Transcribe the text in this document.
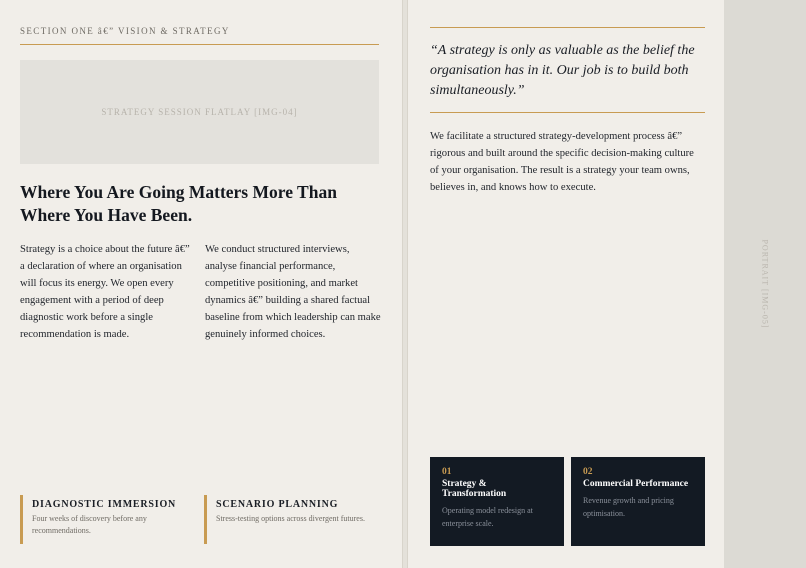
SECTION ONE â€” VISION & STRATEGY
STRATEGY SESSION FLATLAY [IMG-04]
Where You Are Going Matters More Than Where You Have Been.
Strategy is a choice about the future â€” a declaration of where an organisation will focus its energy. We open every engagement with a period of deep diagnostic work before a single recommendation is made.
We conduct structured interviews, analyse financial performance, competitive positioning, and market dynamics â€” building a shared factual baseline from which leadership can make genuinely informed choices.
DIAGNOSTIC IMMERSION
Four weeks of discovery before any recommendations.
SCENARIO PLANNING
Stress-testing options across divergent futures.
“A strategy is only as valuable as the belief the organisation has in it. Our job is to build both simultaneously.”
We facilitate a structured strategy-development process â€” rigorous and built around the specific decision-making culture of your organisation. The result is a strategy your team owns, believes in, and knows how to execute.
01
Strategy & Transformation
Operating model redesign at enterprise scale.
02
Commercial Performance
Revenue growth and pricing optimisation.
PORTRAIT [IMG-05]
